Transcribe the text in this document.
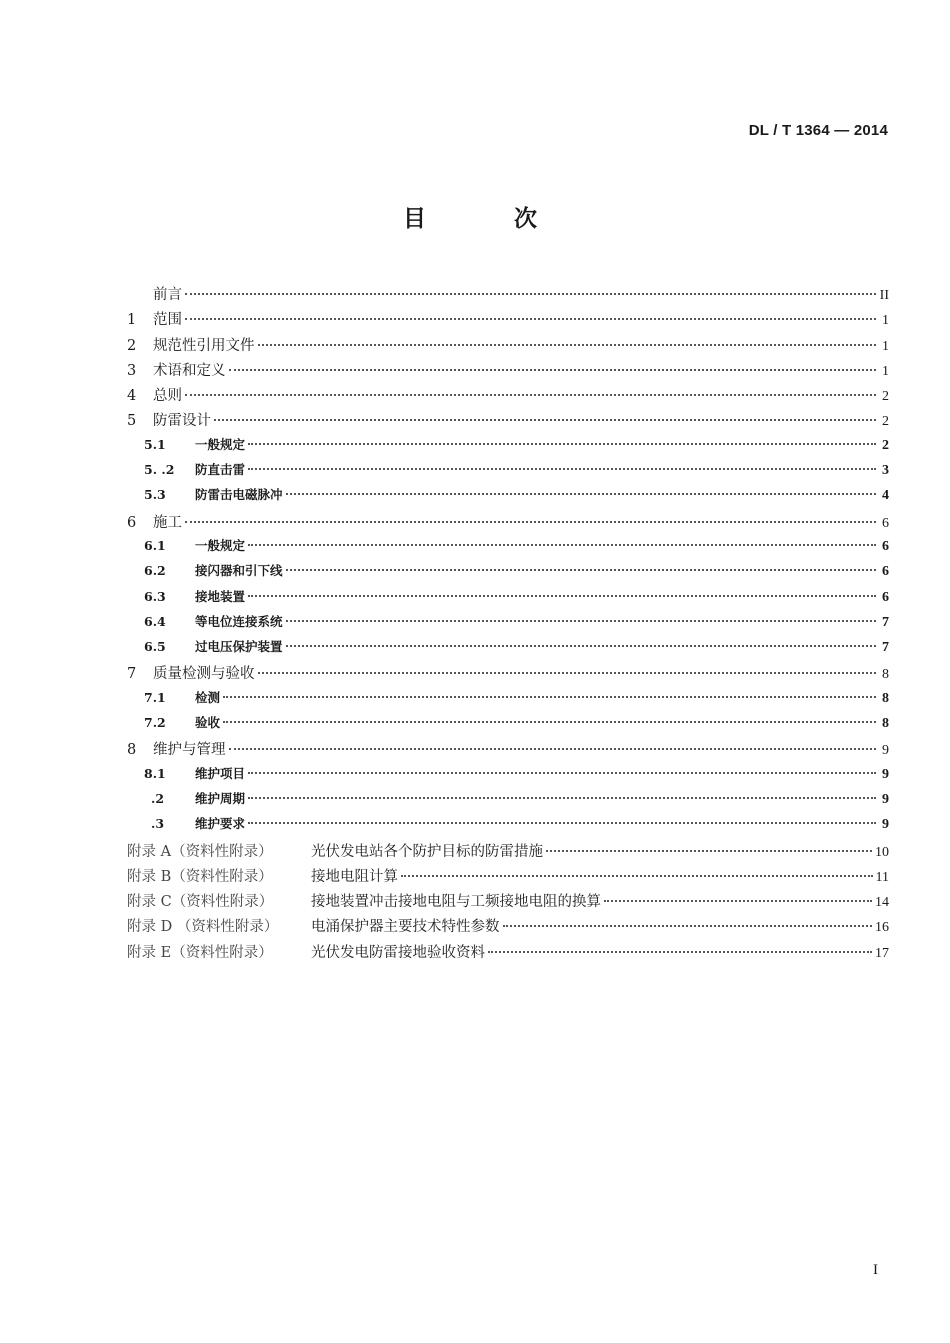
DL / T 1364 — 2014
目 次
前言	II
1	范围	1
2	规范性引用文件	1
3	术语和定义	1
4	总则	2
5	防雷设计	2
5.1	一般规定	2
5. .2	防直击雷	3
5.3	防雷击电磁脉冲	4
6	施工	6
6.1	一般规定	6
6.2	接闪器和引下线	6
6.3	接地装置	6
6.4	等电位连接系统	7
6.5	过电压保护装置	7
7	质量检测与验收	8
7.1	检测	8
7.2	验收	8
8	维护与管理	9
8.1	维护项目	9
.2	维护周期	9
.3	维护要求	9
附录 A（资料性附录）	光伏发电站各个防护目标的防雷措施	10
附录 B（资料性附录）	接地电阻计算	11
附录 C（资料性附录）	接地装置冲击接地电阻与工频接地电阻的换算	14
附录 D （资料性附录）	电涌保护器主要技术特性参数	16
附录 E（资料性附录）	光伏发电防雷接地验收资料	17
I
